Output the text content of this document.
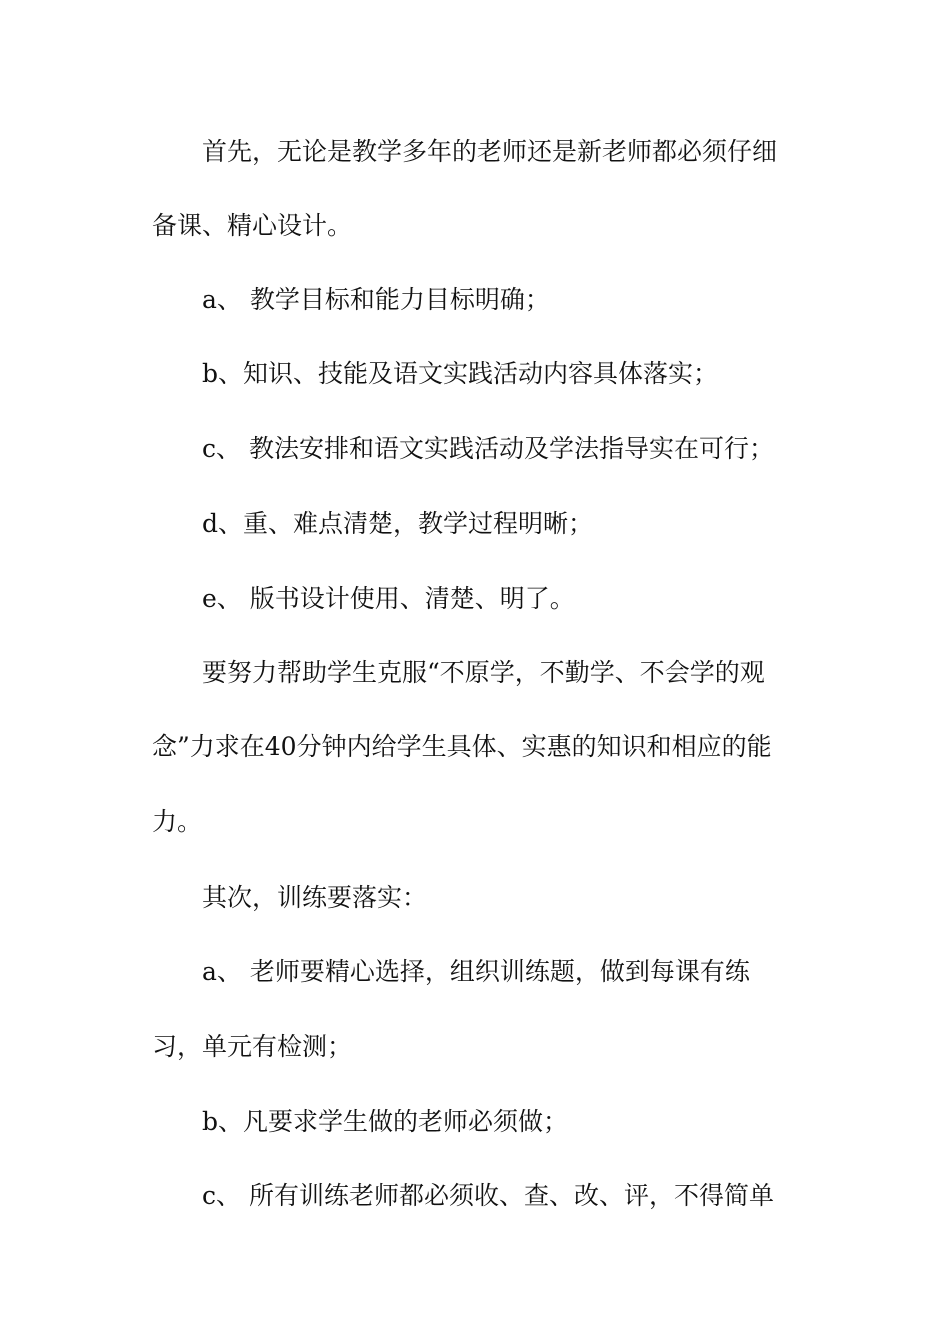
首先，无论是教学多年的老师还是新老师都必须仔细
备课、精心设计。
a、 教学目标和能力目标明确；
b、知识、技能及语文实践活动内容具体落实；
c、 教法安排和语文实践活动及学法指导实在可行；
d、重、难点清楚，教学过程明晰；
e、 版书设计使用、清楚、明了。
要努力帮助学生克服“不原学，不勤学、不会学的观
念”力求在40分钟内给学生具体、实惠的知识和相应的能
力。
其次，训练要落实：
a、 老师要精心选择，组织训练题，做到每课有练
习，单元有检测；
b、凡要求学生做的老师必须做；
c、 所有训练老师都必须收、查、改、评，不得简单
